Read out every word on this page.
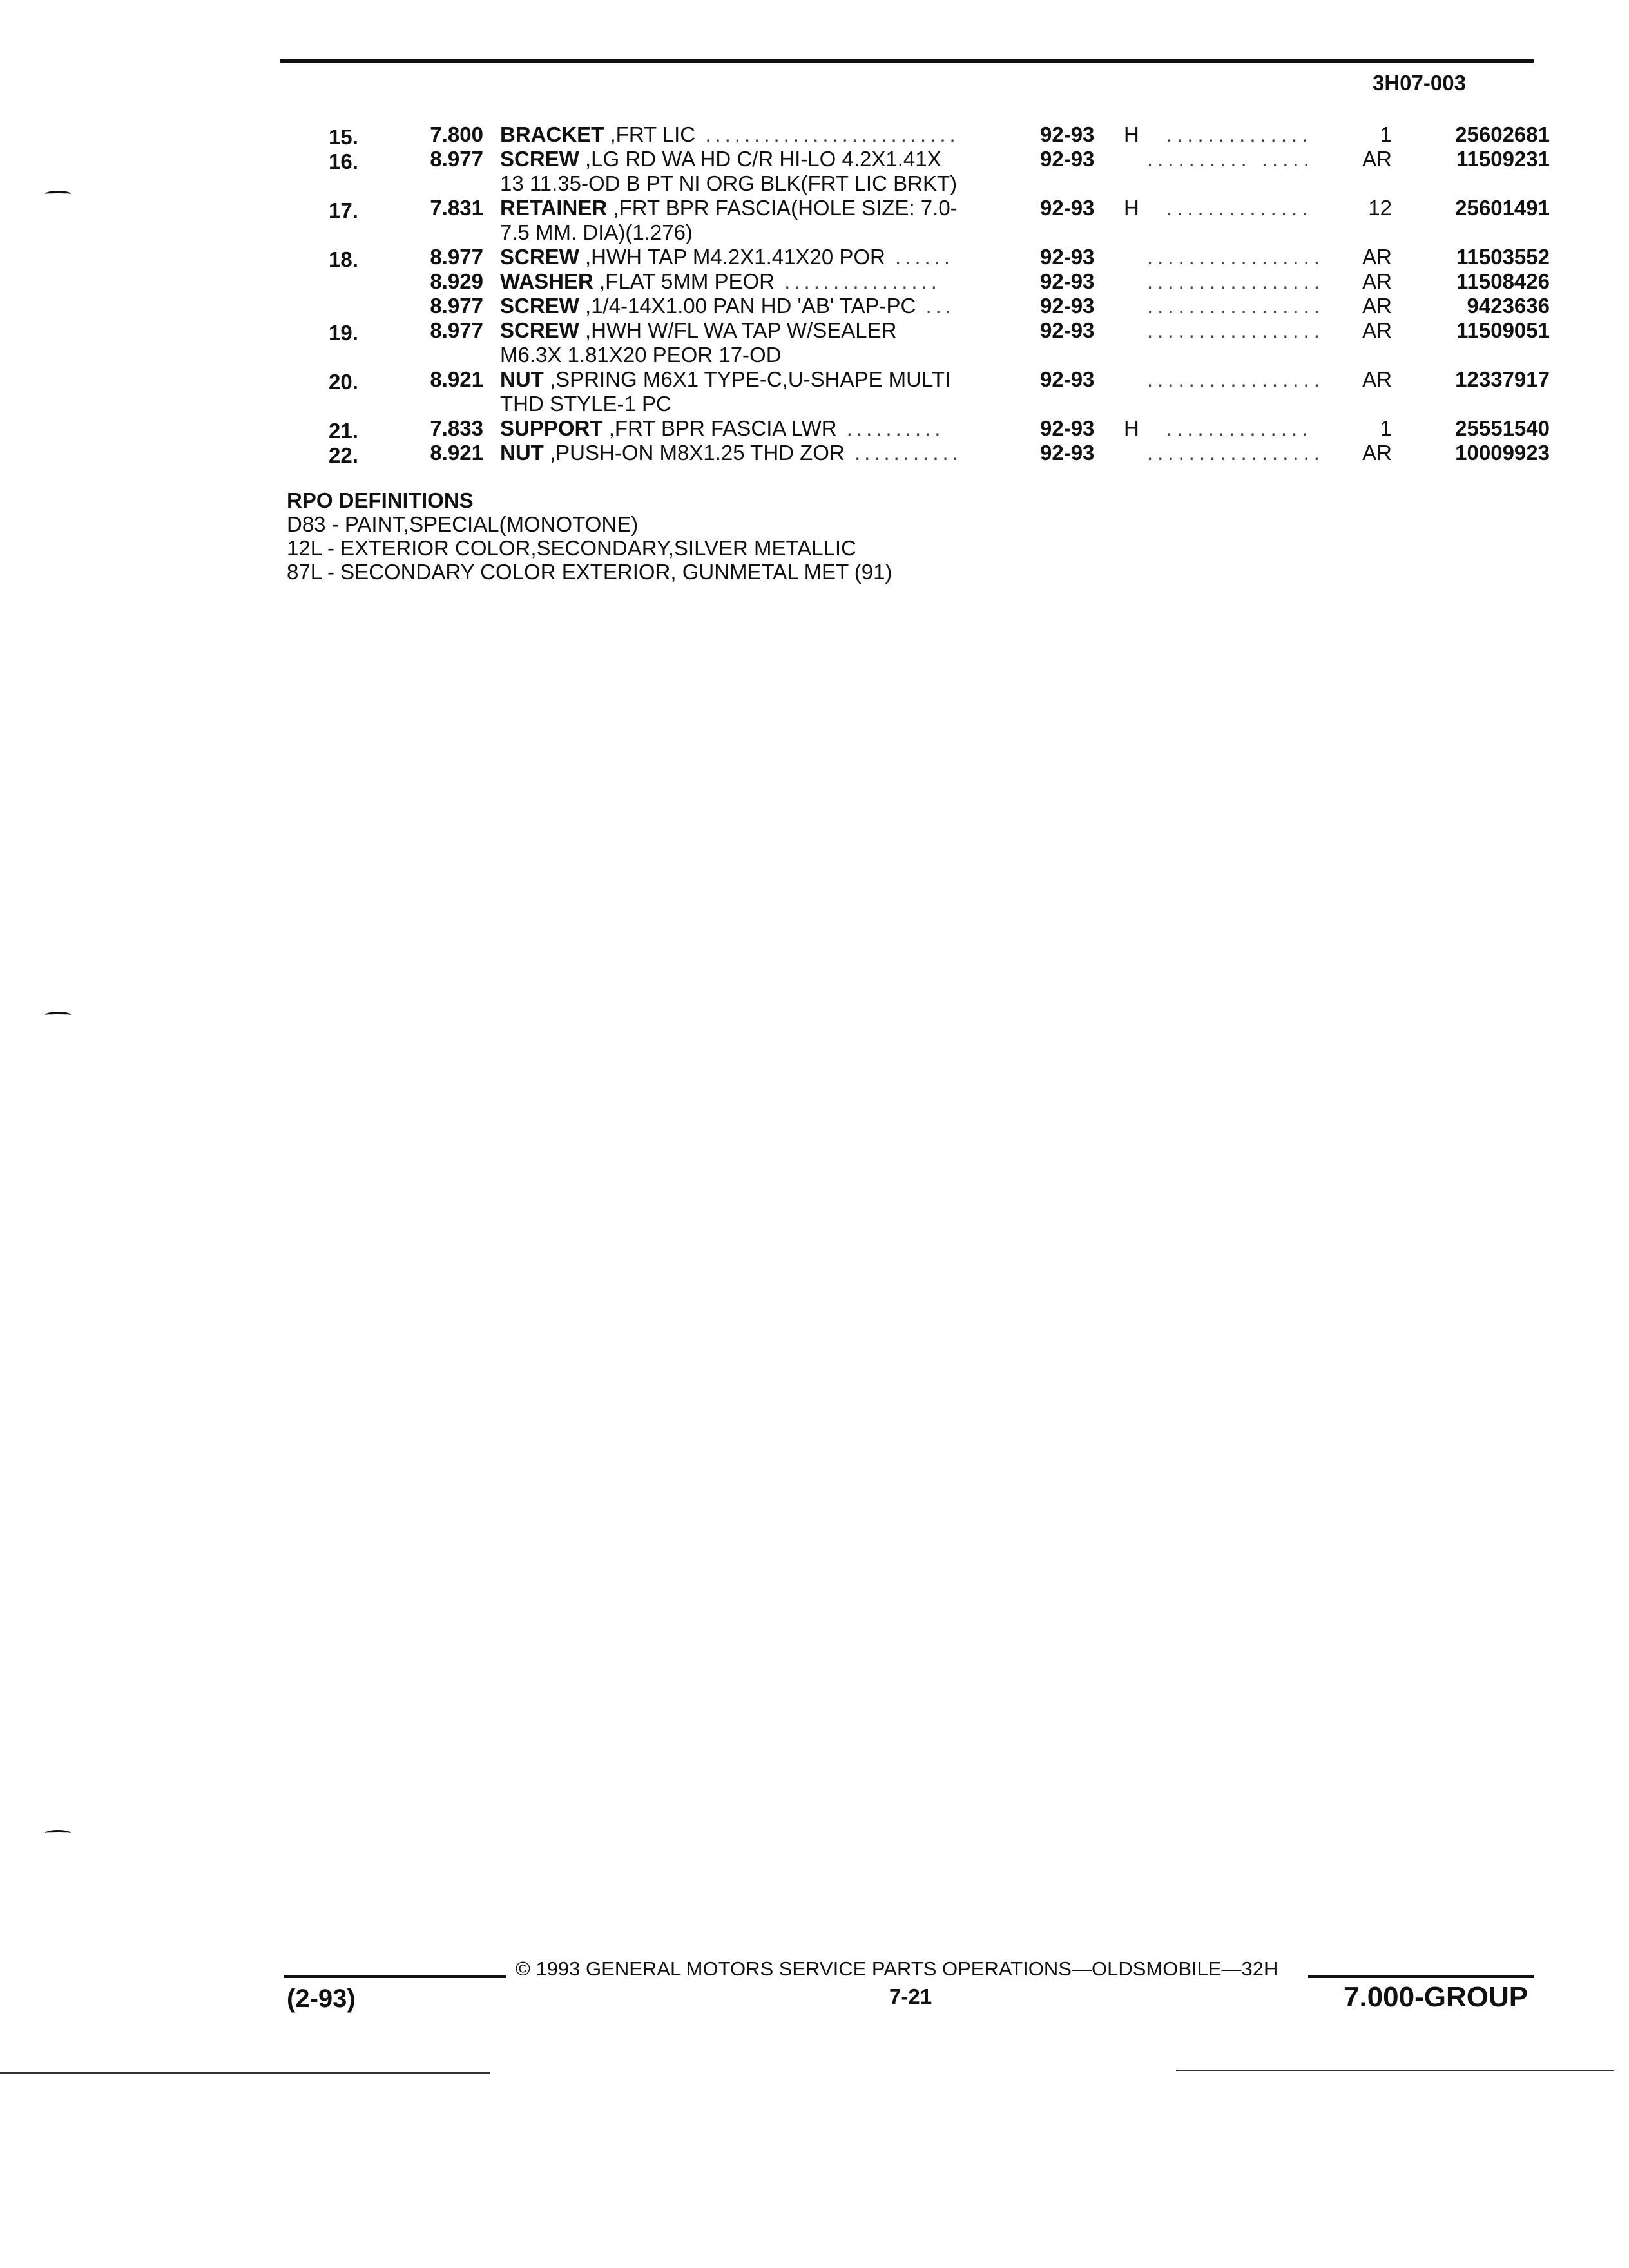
3H07-003
15.	7.800 BRACKET ,FRT LIC ..........................	92-93 H ..............	1	25602681
16.	8.977 SCREW ,LG RD WA HD C/R HI-LO 4.2X1.41X
13 11.35-OD B PT NI ORG BLK(FRT LIC BRKT)
92-93 .......... .....	AR	11509231
17.	7.831 RETAINER ,FRT BPR FASCIA(HOLE SIZE: 7.0-
7.5 MM. DIA)(1.276)
92-93 H ..............	12	25601491
18.	8.977 SCREW ,HWH TAP M4.2X1.41X20 POR ......	92-93 .................	AR	11503552
8.929 WASHER ,FLAT 5MM PEOR ................	92-93 .................	AR	11508426
8.977 SCREW ,1/4-14X1.00 PAN HD 'AB' TAP-PC ...	92-93 .................	AR	9423636
19.	8.977 SCREW ,HWH W/FL WA TAP W/SEALER
M6.3X 1.81X20 PEOR 17-OD
92-93 .................	AR	11509051
20.	8.921 NUT ,SPRING M6X1 TYPE-C,U-SHAPE MULTI
THD STYLE-1 PC
92-93 .................	AR	12337917
21.	7.833 SUPPORT ,FRT BPR FASCIA LWR ..........	92-93 H ..............	1	25551540
22.	8.921 NUT ,PUSH-ON M8X1.25 THD ZOR ...........	92-93 .................	AR	10009923
RPO DEFINITIONS
D83 - PAINT,SPECIAL(MONOTONE)
12L - EXTERIOR COLOR,SECONDARY,SILVER METALLIC
87L - SECONDARY COLOR EXTERIOR, GUNMETAL MET (91)
© 1993 GENERAL MOTORS SERVICE PARTS OPERATIONS—OLDSMOBILE—32H
(2-93)	7-21	7.000-GROUP
